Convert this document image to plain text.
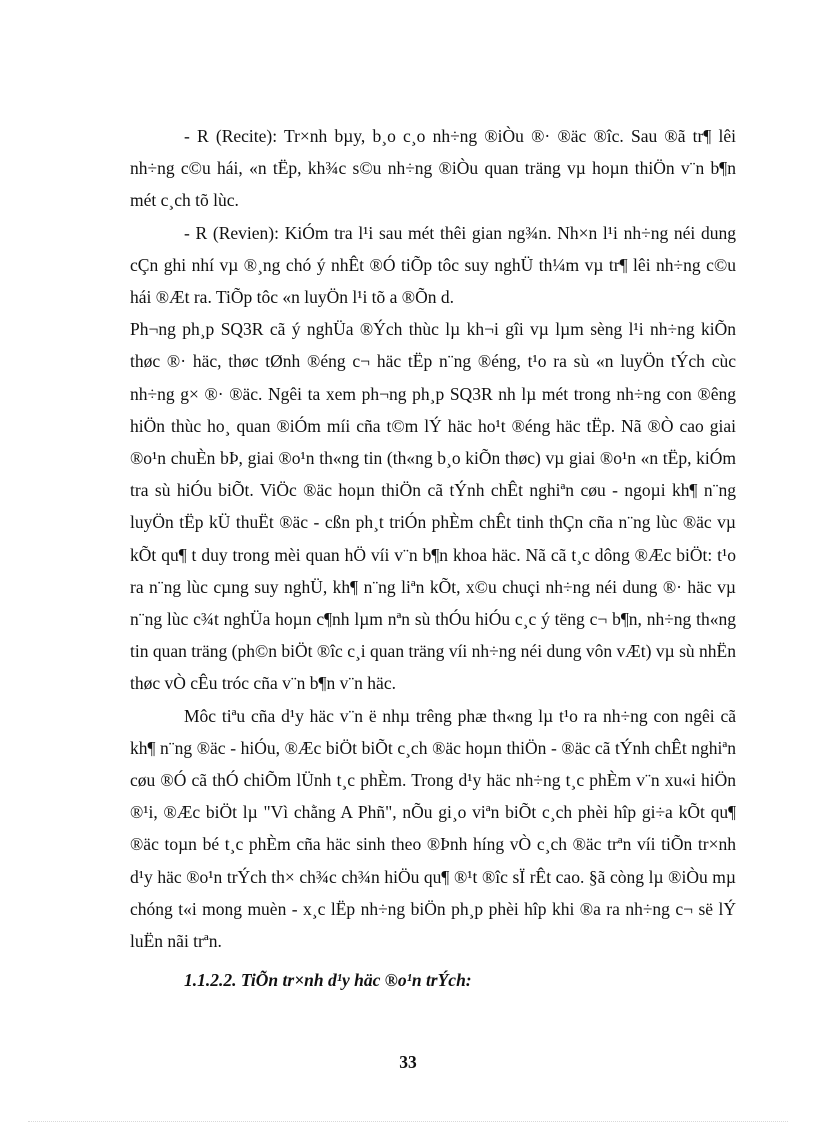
- R (Recite): Tr×nh bµy, b¸o c¸o nh÷ng ®iÒu ®· ®äc ®îc. Sau ®ã tr¶ lêi nh÷ng c©u hái, «n tËp, kh¾c s©u nh÷ng ®iÒu quan träng vµ hoµn thiÖn v¨n b¶n mét c¸ch tõ lùc.

- R (Revien): KiÓm tra l¹i sau mét thêi gian ng¾n. Nh×n l¹i nh÷ng néi dung cÇn ghi nhí vµ ®¸ng chó ý nhÊt ®Ó tiÕp tôc suy nghÜ th¼m vµ tr¶ lêi nh÷ng c©u hái ®Æt ra. TiÕp tôc «n luyÖn l¹i tõ a ®Õn d.

Ph¬ng ph¸p SQ3R cã ý nghÜa ®Ých thùc lµ kh¬i gîi vµ lµm sèng l¹i nh÷ng kiÕn thøc ®· häc, thøc tØnh ®éng c¬ häc tËp n¨ng ®éng, t¹o ra sù «n luyÖn tÝch cùc nh÷ng g× ®· ®äc. Ngêi ta xem ph¬ng ph¸p SQ3R nh lµ mét trong nh÷ng con ®êng hiÖn thùc ho¸ quan ®iÓm míi cña t©m lÝ häc ho¹t ®éng häc tËp. Nã ®Ò cao giai ®o¹n chuÈn bÞ, giai ®o¹n th«ng tin (th«ng b¸o kiÕn thøc) vµ giai ®o¹n «n tËp, kiÓm tra sù hiÓu biÕt. ViÖc ®äc hoµn thiÖn cã tÝnh chÊt nghiªn cøu - ngoµi kh¶ n¨ng luyÖn tËp kÜ thuËt ®äc - cßn ph¸t triÓn phÈm chÊt tinh thÇn cña n¨ng lùc ®äc vµ kÕt qu¶ t duy trong mèi quan hÖ víi v¨n b¶n khoa häc. Nã cã t¸c dông ®Æc biÖt: t¹o ra n¨ng lùc cµng suy nghÜ, kh¶ n¨ng liªn kÕt, x©u chuçi nh÷ng néi dung ®· häc vµ n¨ng lùc c¾t nghÜa hoµn c¶nh lµm nªn sù thÓu hiÓu c¸c ý tëng c¬ b¶n, nh÷ng th«ng tin quan träng (ph©n biÖt ®îc c¸i quan träng víi nh÷ng néi dung vôn vÆt) vµ sù nhËn thøc vÒ cÊu tróc cña v¨n b¶n v¨n häc.

Môc tiªu cña d¹y häc v¨n ë nhµ trêng phæ th«ng lµ t¹o ra nh÷ng con ngêi cã kh¶ n¨ng ®äc - hiÓu, ®Æc biÖt biÕt c¸ch ®äc hoµn thiÖn - ®äc cã tÝnh chÊt nghiªn cøu ®Ó cã thÓ chiÕm lÜnh t¸c phÈm. Trong d¹y häc nh÷ng t¸c phÈm v¨n xu«i hiÖn ®¹i, ®Æc biÖt lµ "Vì chằng A Phñ", nÕu gi¸o viªn biÕt c¸ch phèi hîp gi÷a kÕt qu¶ ®äc toµn bé t¸c phÈm cña häc sinh theo ®Þnh híng vÒ c¸ch ®äc trªn víi tiÕn tr×nh d¹y häc ®o¹n trÝch th× ch¾c ch¾n hiÖu qu¶ ®¹t ®îc sÏ rÊt cao. §ã còng lµ ®iÒu mµ chóng t«i mong muèn - x¸c lËp nh÷ng biÖn ph¸p phèi hîp khi ®a ra nh÷ng c¬ së lÝ luËn nãi trªn.

1.1.2.2. TiÕn tr×nh d¹y häc ®o¹n trÝch:

33
